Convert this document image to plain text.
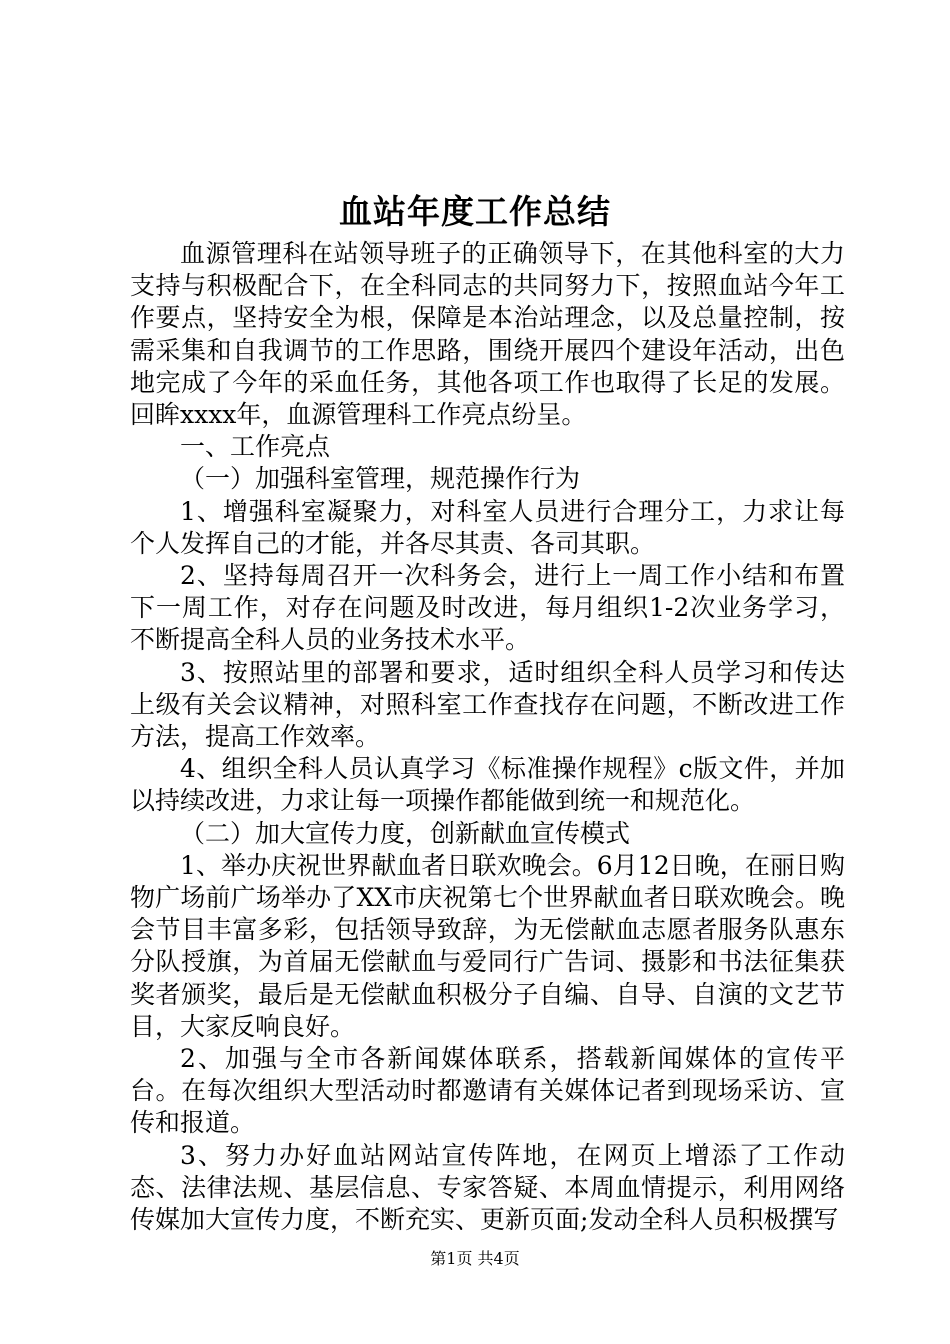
血站年度工作总结

血源管理科在站领导班子的正确领导下，在其他科室的大力支持与积极配合下，在全科同志的共同努力下，按照血站今年工作要点，坚持安全为根，保障是本治站理念，以及总量控制，按需采集和自我调节的工作思路，围绕开展四个建设年活动，出色地完成了今年的采血任务，其他各项工作也取得了长足的发展。回眸xxxx年，血源管理科工作亮点纷呈。

一、工作亮点

（一）加强科室管理，规范操作行为

1、增强科室凝聚力，对科室人员进行合理分工，力求让每个人发挥自己的才能，并各尽其责、各司其职。

2、坚持每周召开一次科务会，进行上一周工作小结和布置下一周工作，对存在问题及时改进，每月组织1-2次业务学习，不断提高全科人员的业务技术水平。

3、按照站里的部署和要求，适时组织全科人员学习和传达上级有关会议精神，对照科室工作查找存在问题，不断改进工作方法，提高工作效率。

4、组织全科人员认真学习《标准操作规程》c版文件，并加以持续改进，力求让每一项操作都能做到统一和规范化。

（二）加大宣传力度，创新献血宣传模式

1、举办庆祝世界献血者日联欢晚会。6月12日晚，在丽日购物广场前广场举办了XX市庆祝第七个世界献血者日联欢晚会。晚会节目丰富多彩，包括领导致辞，为无偿献血志愿者服务队惠东分队授旗，为首届无偿献血与爱同行广告词、摄影和书法征集获奖者颁奖，最后是无偿献血积极分子自编、自导、自演的文艺节目，大家反响良好。

2、加强与全市各新闻媒体联系，搭载新闻媒体的宣传平台。在每次组织大型活动时都邀请有关媒体记者到现场采访、宣传和报道。

3、努力办好血站网站宣传阵地，在网页上增添了工作动态、法律法规、基层信息、专家答疑、本周血情提示，利用网络传媒加大宣传力度，不断充实、更新页面;发动全科人员积极撰写

第1页 共4页
